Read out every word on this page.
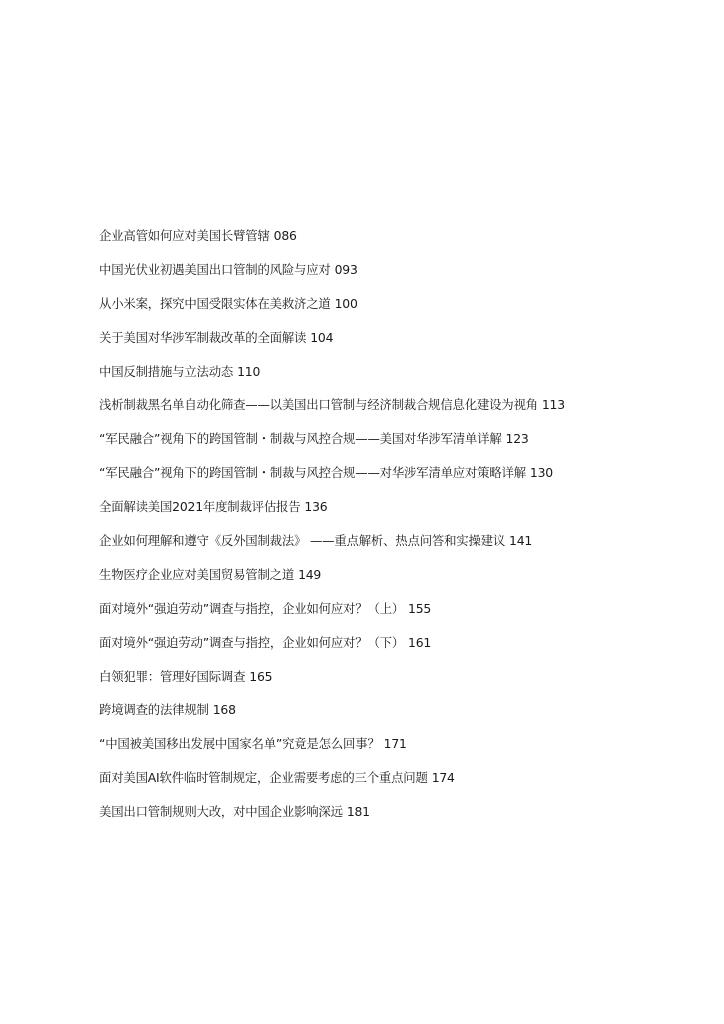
企业高管如何应对美国长臂管辖 086
中国光伏业初遇美国出口管制的风险与应对 093
从小米案，探究中国受限实体在美救济之道 100
关于美国对华涉军制裁改革的全面解读 104
中国反制措施与立法动态 110
浅析制裁黑名单自动化筛查——以美国出口管制与经济制裁合规信息化建设为视角 113
“军民融合”视角下的跨国管制・制裁与风控合规——美国对华涉军清单详解 123
“军民融合”视角下的跨国管制・制裁与风控合规——对华涉军清单应对策略详解 130
全面解读美国2021年度制裁评估报告 136
企业如何理解和遵守《反外国制裁法》 ——重点解析、热点问答和实操建议 141
生物医疗企业应对美国贸易管制之道 149
面对境外“强迫劳动”调查与指控，企业如何应对？（上） 155
面对境外“强迫劳动”调查与指控，企业如何应对？（下） 161
白领犯罪：管理好国际调查 165
跨境调查的法律规制 168
“中国被美国移出发展中国家名单”究竟是怎么回事？ 171
面对美国AI软件临时管制规定，企业需要考虑的三个重点问题 174
美国出口管制规则大改，对中国企业影响深远 181
